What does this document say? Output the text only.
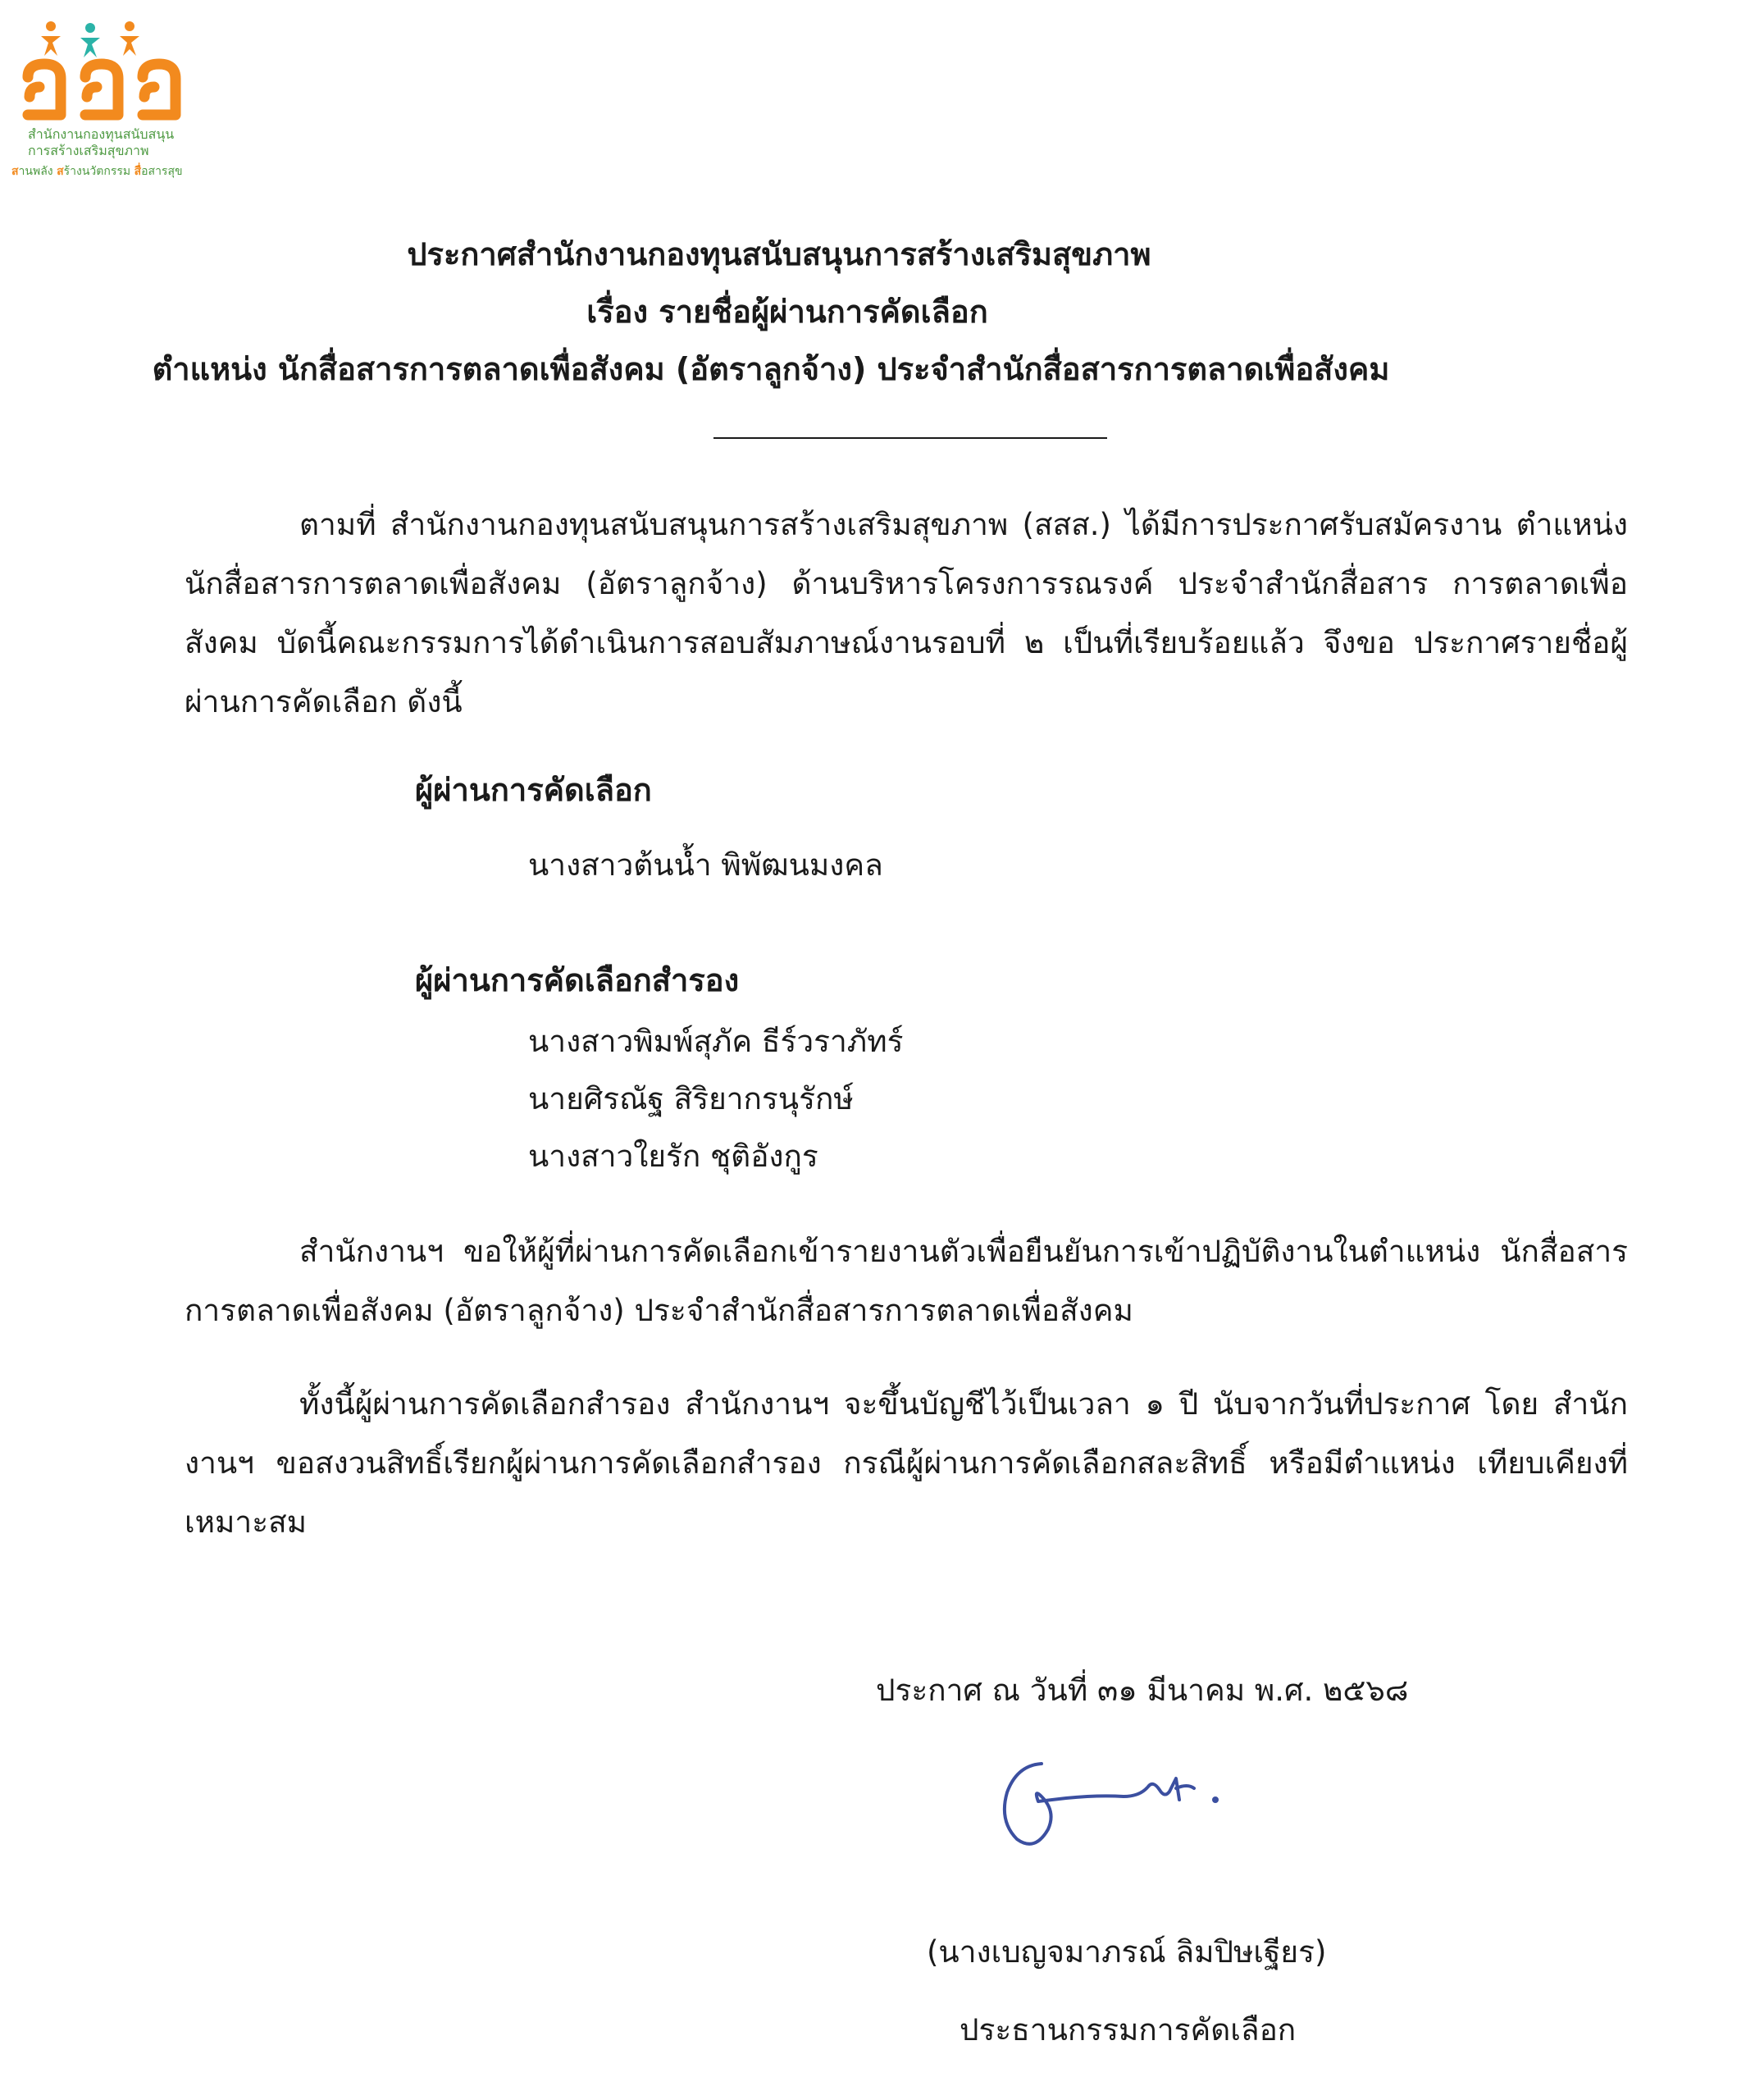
สำนักงานกองทุนสนับสนุน
การสร้างเสริมสุขภาพ
สานพลัง สร้างนวัตกรรม สื่อสารสุข
ประกาศสำนักงานกองทุนสนับสนุนการสร้างเสริมสุขภาพ
เรื่อง รายชื่อผู้ผ่านการคัดเลือก
ตำแหน่ง นักสื่อสารการตลาดเพื่อสังคม (อัตราลูกจ้าง) ประจำสำนักสื่อสารการตลาดเพื่อสังคม
ตามที่ สำนักงานกองทุนสนับสนุนการสร้างเสริมสุขภาพ (สสส.) ได้มีการประกาศรับสมัครงาน ตำแหน่ง นักสื่อสารการตลาดเพื่อสังคม (อัตราลูกจ้าง) ด้านบริหารโครงการรณรงค์ ประจำสำนักสื่อสาร การตลาดเพื่อสังคม บัดนี้คณะกรรมการได้ดำเนินการสอบสัมภาษณ์งานรอบที่ ๒ เป็นที่เรียบร้อยแล้ว จึงขอ ประกาศรายชื่อผู้ผ่านการคัดเลือก ดังนี้
ผู้ผ่านการคัดเลือก
นางสาวต้นน้ำ พิพัฒนมงคล
ผู้ผ่านการคัดเลือกสำรอง
นางสาวพิมพ์สุภัค ธีร์วราภัทร์
นายศิรณัฐ สิริยากรนุรักษ์
นางสาวใยรัก ชุติอังกูร
สำนักงานฯ ขอให้ผู้ที่ผ่านการคัดเลือกเข้ารายงานตัวเพื่อยืนยันการเข้าปฏิบัติงานในตำแหน่ง นักสื่อสารการตลาดเพื่อสังคม (อัตราลูกจ้าง) ประจำสำนักสื่อสารการตลาดเพื่อสังคม
ทั้งนี้ผู้ผ่านการคัดเลือกสำรอง สำนักงานฯ จะขึ้นบัญชีไว้เป็นเวลา ๑ ปี นับจากวันที่ประกาศ โดย สำนักงานฯ ขอสงวนสิทธิ์เรียกผู้ผ่านการคัดเลือกสำรอง กรณีผู้ผ่านการคัดเลือกสละสิทธิ์ หรือมีตำแหน่ง เทียบเคียงที่เหมาะสม
ประกาศ ณ วันที่ ๓๑ มีนาคม พ.ศ. ๒๕๖๘
(นางเบญจมาภรณ์ ลิมปิษเฐียร)
ประธานกรรมการคัดเลือก
